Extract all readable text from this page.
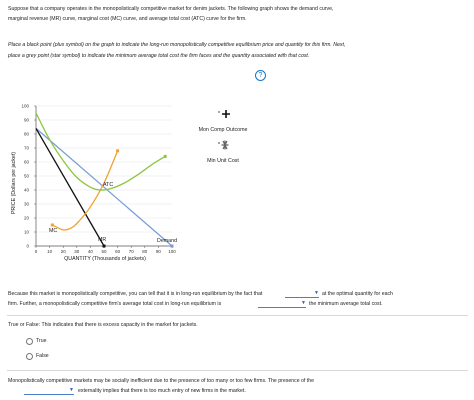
Suppose that a company operates in the monopolistically competitive market for denim jackets. The following graph shows the demand curve,
marginal revenue (MR) curve, marginal cost (MC) curve, and average total cost (ATC) curve for the firm.
Place a black point (plus symbol) on the graph to indicate the long-run monopolistically competitive equilibrium price and quantity for this firm. Next,
place a grey point (star symbol) to indicate the minimum average total cost the firm faces and the quantity associated with that cost.
?
0
10
20
30
40
50
60
70
80
90
100
0 10 20 30 40 50 60 70 80 90 100
PRICE (Dollars per jacket)
QUANTITY (Thousands of jackets)
Demand
MR
MC
ATC
Mon Comp Outcome
Min Unit Cost
Because this market is monopolistically competitive, you can tell that it is in long-run equilibrium by the fact that	▼ at the optimal quantity for each
firm. Further, a monopolistically competitive firm's average total cost in long-run equilibrium is	▼ the minimum average total cost.
True or False: This indicates that there is excess capacity in the market for jackets.
True
False
Monopolistically competitive markets may be socially inefficient due to the presence of too many or too few firms. The presence of the
▼ externality implies that there is too much entry of new firms in the market.
